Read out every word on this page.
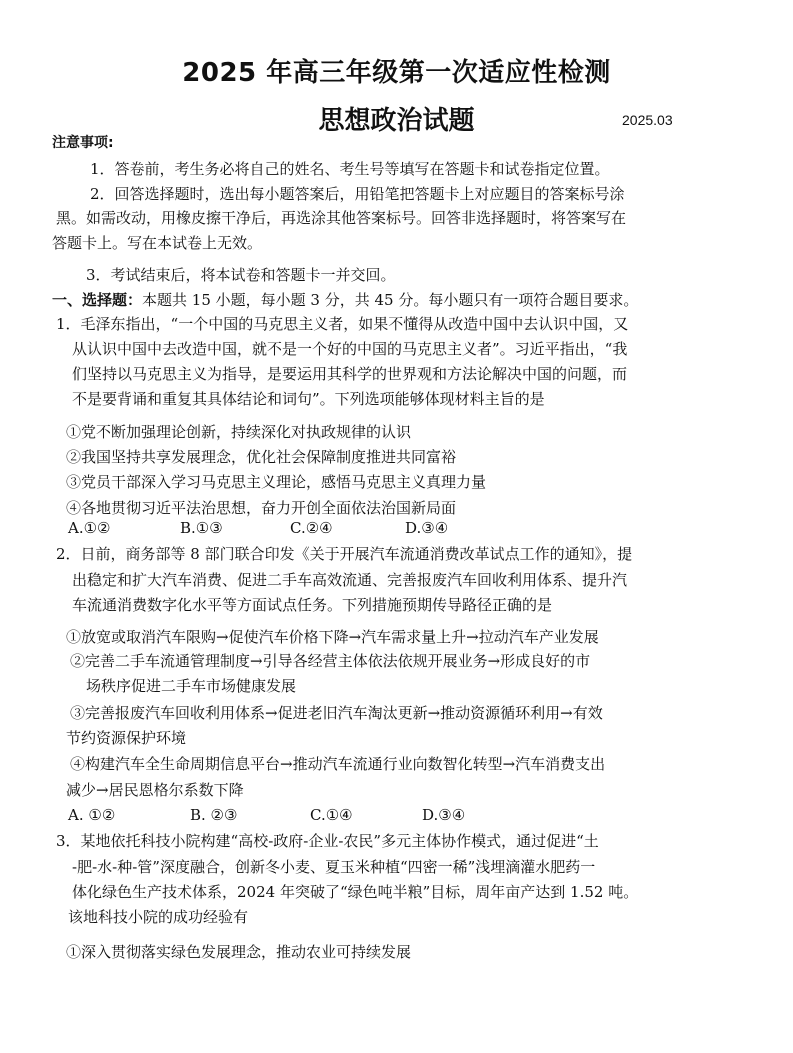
2025 年高三年级第一次适应性检测
思想政治试题	2025.03
注意事项:
1．答卷前，考生务必将自己的姓名、考生号等填写在答题卡和试卷指定位置。
2．回答选择题时，选出每小题答案后，用铅笔把答题卡上对应题目的答案标号涂
黑。如需改动，用橡皮擦干净后，再选涂其他答案标号。回答非选择题时，将答案写在
答题卡上。写在本试卷上无效。
3．考试结束后，将本试卷和答题卡一并交回。
一、选择题：本题共 15 小题，每小题 3 分，共 45 分。每小题只有一项符合题目要求。
1．毛泽东指出，“一个中国的马克思主义者，如果不懂得从改造中国中去认识中国，又
从认识中国中去改造中国，就不是一个好的中国的马克思主义者”。习近平指出，“我
们坚持以马克思主义为指导，是要运用其科学的世界观和方法论解决中国的问题，而
不是要背诵和重复其具体结论和词句”。下列选项能够体现材料主旨的是
①党不断加强理论创新，持续深化对执政规律的认识
②我国坚持共享发展理念，优化社会保障制度推进共同富裕
③党员干部深入学习马克思主义理论，感悟马克思主义真理力量
④各地贯彻习近平法治思想，奋力开创全面依法治国新局面
A.①②	B.①③	C.②④	D.③④
2．日前，商务部等 8 部门联合印发《关于开展汽车流通消费改革试点工作的通知》，提
出稳定和扩大汽车消费、促进二手车高效流通、完善报废汽车回收利用体系、提升汽
车流通消费数字化水平等方面试点任务。下列措施预期传导路径正确的是
①放宽或取消汽车限购→促使汽车价格下降→汽车需求量上升→拉动汽车产业发展
②完善二手车流通管理制度→引导各经营主体依法依规开展业务→形成良好的市
场秩序促进二手车市场健康发展
③完善报废汽车回收利用体系→促进老旧汽车淘汰更新→推动资源循环利用→有效
节约资源保护环境
④构建汽车全生命周期信息平台→推动汽车流通行业向数智化转型→汽车消费支出
减少→居民恩格尔系数下降
A. ①②	B. ②③	C.①④	D.③④
3．某地依托科技小院构建“高校-政府-企业-农民”多元主体协作模式，通过促进“土
-肥-水-种-管”深度融合，创新冬小麦、夏玉米种植“四密一稀”浅埋滴灌水肥药一
体化绿色生产技术体系，2024 年突破了“绿色吨半粮”目标，周年亩产达到 1.52 吨。
该地科技小院的成功经验有
①深入贯彻落实绿色发展理念，推动农业可持续发展
